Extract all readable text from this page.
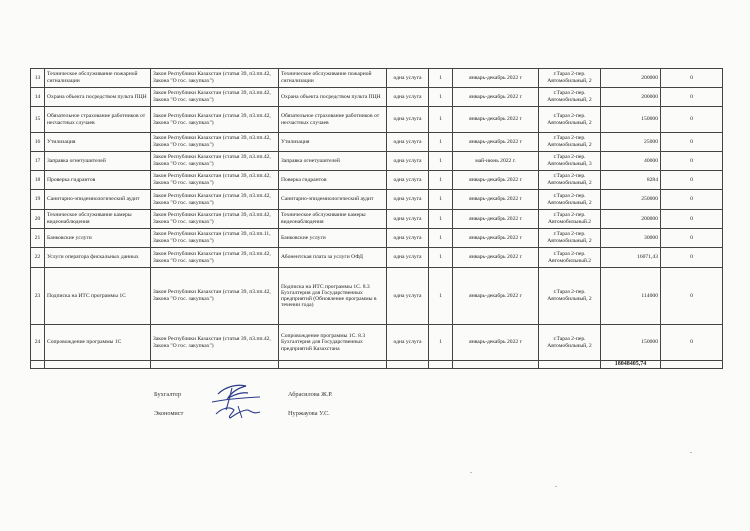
13	Техническое обслуживание пожарной сигнализации	Закон Республики Казахстан (статья 39, п3.пп.42, Закона "О гос. закупках")	Техническое обслуживание пожарной сигнализации	одна услуга	1	январь-декабрь 2022 г	г.Тараз 2-пер. Автомобильный, 2	200000	0
14	Охрана объекта посредством пульта ПЦН	Закон Республики Казахстан (статья 39, п3.пп.42, Закона "О гос. закупках")	Охрана объекта посредством пульта ПЦН	одна услуга	1	январь-декабрь 2022 г	г.Тараз 2-пер. Автомобильный, 2	200000	0
15	Обязательное страхование работников от несчастных случаев	Закон Республики Казахстан (статья 39, п3.пп.42, Закона "О гос. закупках")	Обязательное страхование работников от несчастных случаев	одна услуга	1	январь-декабрь 2022 г	г.Тараз 2-пер. Автомобильный, 2	150000	0
16	Утилизация	Закон Республики Казахстан (статья 39, п3.пп.42, Закона "О гос. закупках")	Утилизация	одна услуга	1	январь-декабрь 2022 г	г.Тараз 2-пер. Автомобильный, 2	25000	0
17	Заправка огнетушителей	Закон Республики Казахстан (статья 39, п3.пп.42, Закона "О гос. закупках")	Заправка огнетушителей	одна услуга	1	май-июнь 2022 г.	г.Тараз 2-пер. Автомобильный, 3	40000	0
18	Проверка гидрантов	Закон Республики Казахстан (статья 39, п3.пп.42, Закона "О гос. закупках")	Поверка гидрантов	одна услуга	1	январь-декабрь 2022 г	г.Тараз 2-пер. Автомобильный, 2	8284	0
19	Санитарно-эпидемиологический аудит	Закон Республики Казахстан (статья 39, п3.пп.42, Закона "О гос. закупках")	Санитарно-эпидемиологический аудит	одна услуга	1	январь-декабрь 2022 г	г.Тараз 2-пер. Автомобильный, 2	250000	0
20	Техническое обслуживание камеры видеонаблюдения	Закон Республики Казахстан (статья 39, п3.пп.42, Закона "О гос. закупках")	Техническое обслуживание камеры видеонаблюдения	одна услуга	1	январь-декабрь 2022 г	г.Тараз 2-пер. Автомобильный.2	200000	0
21	Банковские услуги	Закон Республики Казахстан (статья 39, п3.пп.11, Закона "О гос. закупках")	Банковские услуги	одна услуга	1	январь-декабрь 2022 г	г.Тараз 2-пер. Автомобильный, 2	30000	0
22	Услуги оператора фискальных данных	Закон Республики Казахстан (статья 39, п3.пп.42, Закона "О гос. закупках")	Абонентская плата за услуги ОФД	одна услуга	1	январь-декабрь 2022 г	г.Тараз 2-пер. Автомобильный.2	16071,43	0
23	Подписка на ИТС программы 1С	Закон Республики Казахстан (статья 39, п3.пп.42, Закона "О гос. закупках")	Подписка на ИТС программы 1С. 8.3 Бухгалтерия для Государственных предприятий (Обновление программы в течении года)	одна услуга	1	январь-декабрь 2022 г	г.Тараз 2-пер. Автомобильный, 2	114000	0
24	Сопровождение программы 1С	Закон Республики Казахстан (статья 39, п3.пп.42, Закона "О гос. закупках")	Сопровождение программы 1С. 8.3 Бухгалтерия для Государственных предприятий Казахстана	одна услуга	1	январь-декабрь 2022 г	г.Тараз 2-пер. Автомобильный, 2	150000	0
								18048405,74	
Бухгалтер	Абрасилова Ж.Р.
Экономист	Нуржауова У.С.
